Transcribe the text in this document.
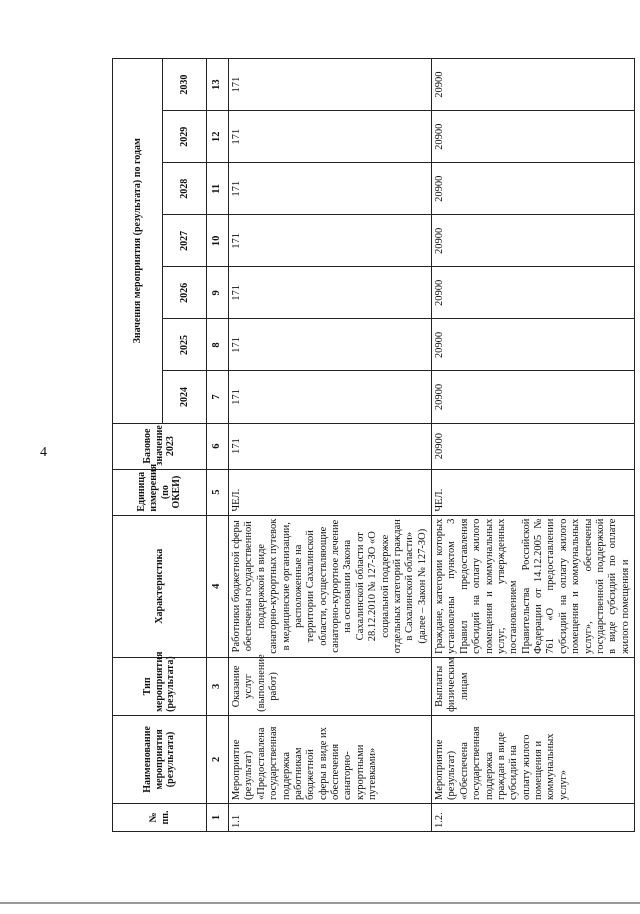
4
№ пп.	Наименование мероприятия (результата)	Тип мероприятия (результата)	Характеристика	Единица измерения (по ОКЕИ)	Базовое значение 2023	Значения мероприятия (результата) по годам						
						2024	2025	2026	2027	2028	2029	2030
1	2	3	4	5	6	7	8	9	10	11	12	13
1.1	Мероприятие (результат) «Предоставлена государственная поддержка работникам бюджетной сферы в виде их обеспечения санаторно-курортными путевками»	Оказание услуг (выполнение работ)	Работники бюджетной сферы обеспечены государственной поддержкой в виде санаторно-курортных путевок в медицинские организации, расположенные на территории Сахалинской области, осуществляющие санаторно-курортное лечение на основании Закона Сахалинской области от 28.12.2010 № 127-ЗО «О социальной поддержке отдельных категорий граждан в Сахалинской области» (далее – Закон № 127-ЗО)	ЧЕЛ.	171	171	171	171	171	171	171	171
1.2.	Мероприятие (результат) «Обеспечена государственная поддержка граждан в виде субсидий на оплату жилого помещения и коммунальных услуг»	Выплаты физическим лицам	Граждане, категории которых установлены пунктом 3 Правил предоставления субсидий на оплату жилого помещения и коммунальных услуг, утвержденных постановлением Правительства Российской Федерации от 14.12.2005 № 761 «О предоставлении субсидий на оплату жилого помещения и коммунальных услуг», обеспечены государственной поддержкой в виде субсидий по оплате жилого помещения и	ЧЕЛ.	20900	20900	20900	20900	20900	20900	20900	20900
